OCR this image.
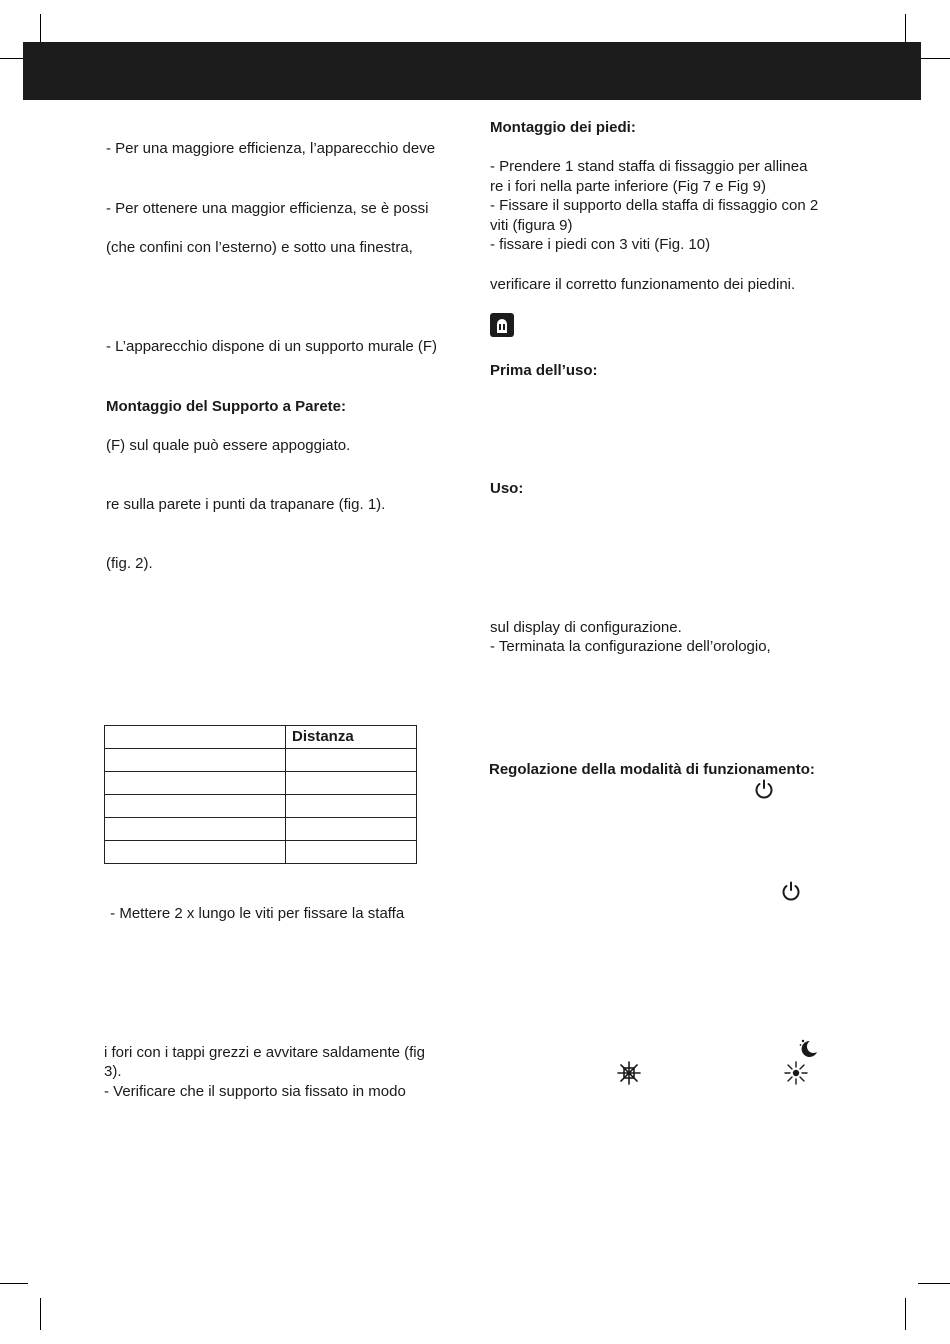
- Per una maggiore efficienza, l’apparecchio deve
- Per ottenere una maggior efficienza, se è possi
(che confini con l’esterno) e sotto una finestra,
- L’apparecchio dispone di un supporto murale (F)
Montaggio del Supporto a Parete:
(F) sul quale può essere appoggiato.
re sulla parete i punti da trapanare (fig. 1).
(fig. 2).
	Distanza

- Mettere 2 x lungo le viti per fissare la staffa
i fori con i tappi grezzi e avvitare saldamente (fig
3).
- Verificare che il supporto sia fissato in modo
Montaggio dei piedi:
- Prendere 1 stand staffa di fissaggio per allinea
re i fori nella parte inferiore (Fig 7 e Fig 9)
- Fissare il supporto della staffa di fissaggio con 2
viti (figura 9)
- fissare i piedi con 3 viti (Fig. 10)
verificare il corretto funzionamento dei piedini.
Prima dell’uso:
Uso:
sul display di configurazione.
- Terminata la configurazione dell’orologio,
Regolazione della modalità di funzionamento:
